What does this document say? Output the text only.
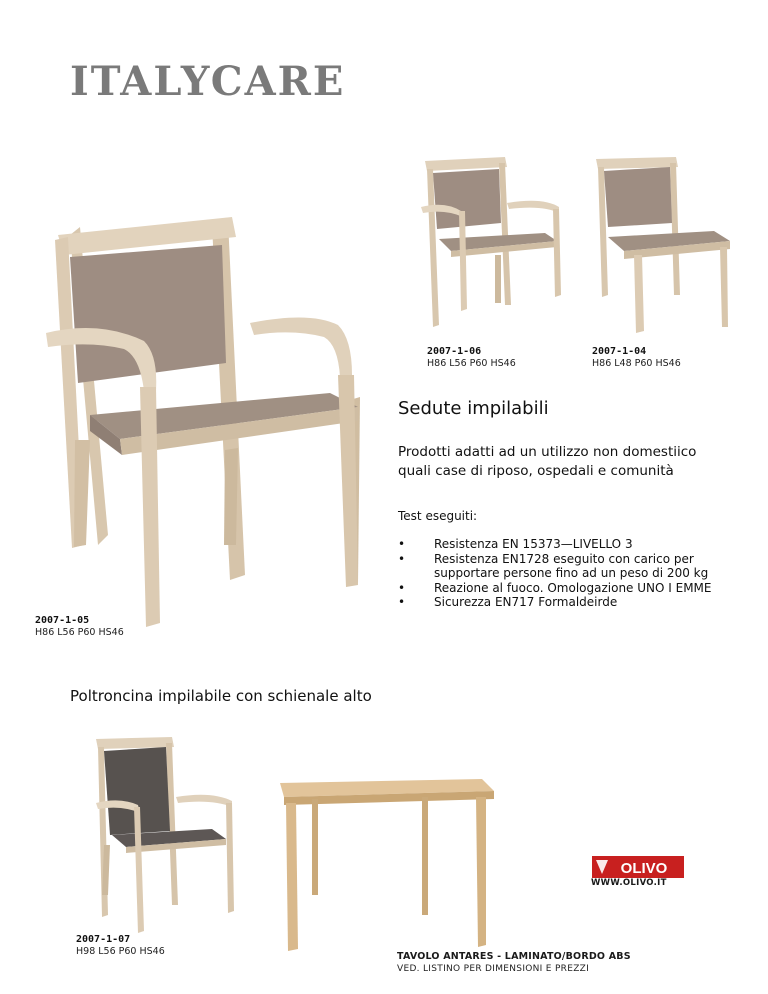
ITALYCARE
2007-1-05
H86 L56 P60 HS46
2007-1-06
H86 L56 P60 HS46
2007-1-04
H86 L48 P60 HS46
Sedute impilabili
Prodotti adatti ad un utilizzo non domestiico
quali case di riposo, ospedali e comunità
Test eseguiti:
• Resistenza EN 15373—LIVELLO 3
• Resistenza EN1728 eseguito con carico per supportare persone fino ad un peso di 200 kg
• Reazione al fuoco. Omologazione UNO I EMME
• Sicurezza EN717 Formaldeirde
Poltroncina impilabile con schienale alto
2007-1-07
H98 L56 P60 HS46	TAVOLO ANTARES - LAMINATO/BORDO ABS
VED. LISTINO PER DIMENSIONI E PREZZI
OLIVO
WWW.OLIVO.IT
